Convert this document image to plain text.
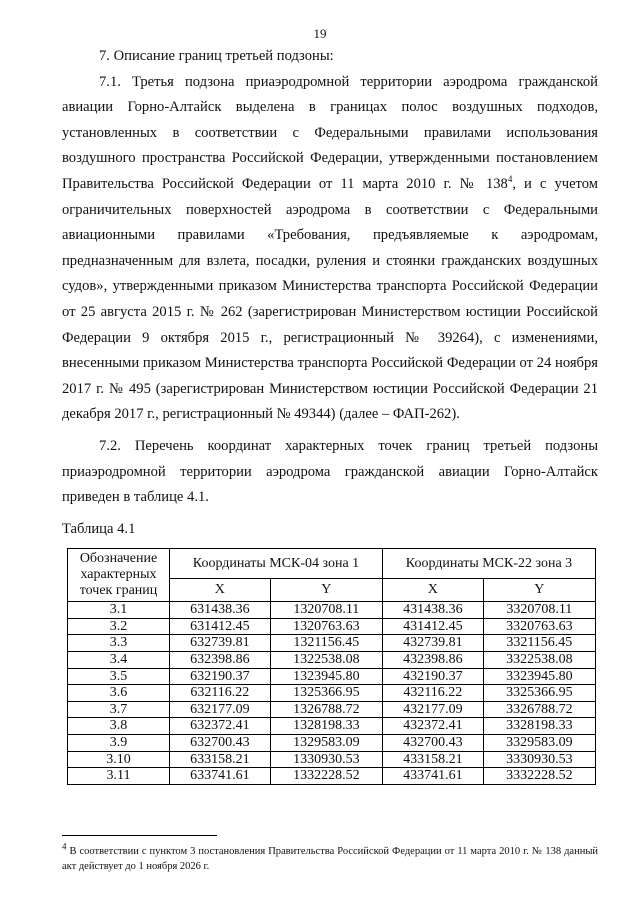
19

7. Описание границ третьей подзоны:

7.1. Третья подзона приаэродромной территории аэродрома гражданской авиации Горно-Алтайск выделена в границах полос воздушных подходов, установленных в соответствии с Федеральными правилами использования воздушного пространства Российской Федерации, утвержденными постановлением Правительства Российской Федерации от 11 марта 2010 г. № $138^4$, и с учетом ограничительных поверхностей аэродрома в соответствии с Федеральными авиационными правилами «Требования, предъявляемые к аэродромам, предназначенным для взлета, посадки, руления и стоянки гражданских воздушных судов», утвержденными приказом Министерства транспорта Российской Федерации от 25 августа 2015 г. № 262 (зарегистрирован Министерством юстиции Российской Федерации 9 октября 2015 г., регистрационный № 39264), с изменениями, внесенными приказом Министерства транспорта Российской Федерации от 24 ноября 2017 г. № 495 (зарегистрирован Министерством юстиции Российской Федерации 21 декабря 2017 г., регистрационный № 49344) (далее – ФАП-262).

7.2. Перечень координат характерных точек границ третьей подзоны приаэродромной территории аэродрома гражданской авиации Горно-Алтайск приведен в таблице 4.1.

Таблица 4.1

Обозначение характерных точек границ	Координаты МСК-04 зона 1		Координаты МСК-22 зона 3	
	X	Y	X	Y
3.1	631438.36	1320708.11	431438.36	3320708.11
3.2	631412.45	1320763.63	431412.45	3320763.63
3.3	632739.81	1321156.45	432739.81	3321156.45
3.4	632398.86	1322538.08	432398.86	3322538.08
3.5	632190.37	1323945.80	432190.37	3323945.80
3.6	632116.22	1325366.95	432116.22	3325366.95
3.7	632177.09	1326788.72	432177.09	3326788.72
3.8	632372.41	1328198.33	432372.41	3328198.33
3.9	632700.43	1329583.09	432700.43	3329583.09
3.10	633158.21	1330930.53	433158.21	3330930.53
3.11	633741.61	1332228.52	433741.61	3332228.52
$^4$ В соответствии с пунктом 3 постановления Правительства Российской Федерации от 11 марта 2010 г. № 138 данный акт действует до 1 ноября 2026 г.
